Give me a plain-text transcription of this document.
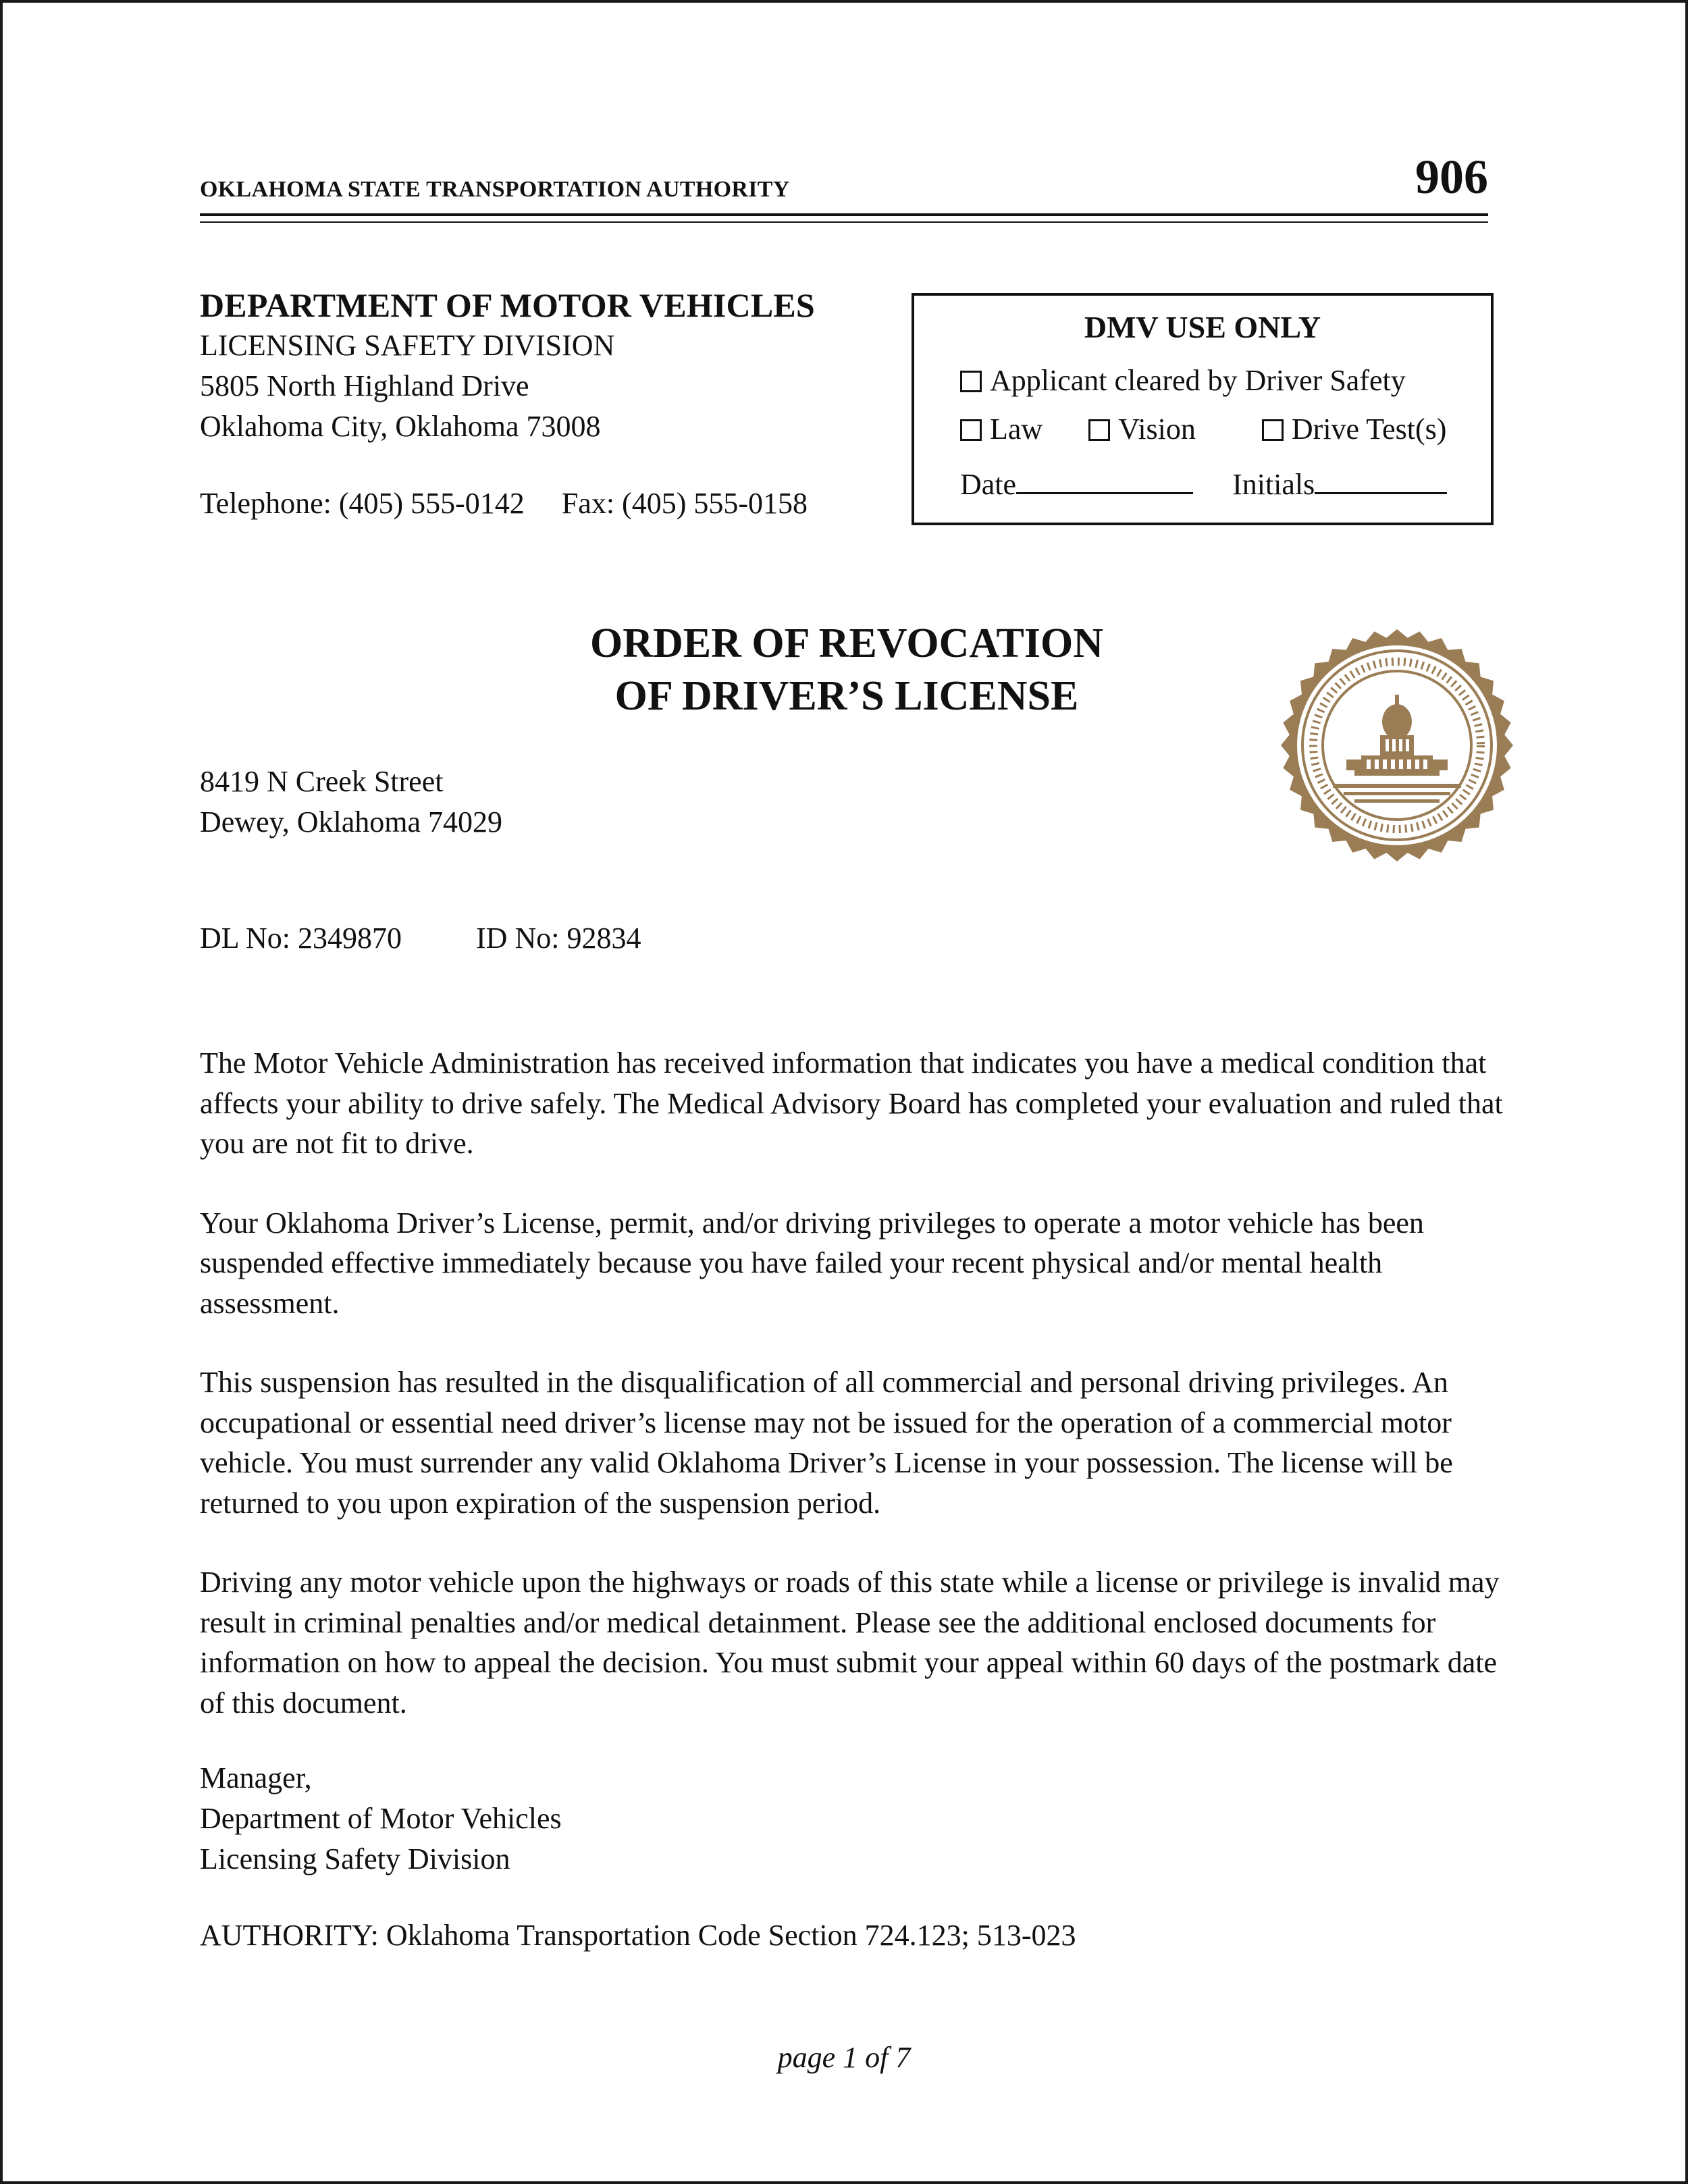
OKLAHOMA STATE TRANSPORTATION AUTHORITY	906
DEPARTMENT OF MOTOR VEHICLES
LICENSING SAFETY DIVISION
5805 North Highland Drive
Oklahoma City, Oklahoma 73008
Telephone: (405) 555-0142 Fax: (405) 555-0158
DMV USE ONLY
Applicant cleared by Driver Safety
Law	Vision	Drive Test(s)
Date	Initials
ORDER OF REVOCATION
OF DRIVER’S LICENSE
8419 N Creek Street
Dewey, Oklahoma 74029
DL No: 2349870	ID No: 92834

The Motor Vehicle Administration has received information that indicates you have a medical condition that affects your ability to drive safely. The Medical Advisory Board has completed your evaluation and ruled that you are not fit to drive.

Your Oklahoma Driver’s License, permit, and/or driving privileges to operate a motor vehicle has been suspended effective immediately because you have failed your recent physical and/or mental health assessment.

This suspension has resulted in the disqualification of all commercial and personal driving privileges. An occupational or essential need driver’s license may not be issued for the operation of a commercial motor vehicle. You must surrender any valid Oklahoma Driver’s License in your possession. The license will be returned to you upon expiration of the suspension period.

Driving any motor vehicle upon the highways or roads of this state while a license or privilege is invalid may result in criminal penalties and/or medical detainment. Please see the additional enclosed documents for information on how to appeal the decision. You must submit your appeal within 60 days of the postmark date of this document.

Manager,
Department of Motor Vehicles
Licensing Safety Division
AUTHORITY: Oklahoma Transportation Code Section 724.123; 513-023
page 1 of 7
